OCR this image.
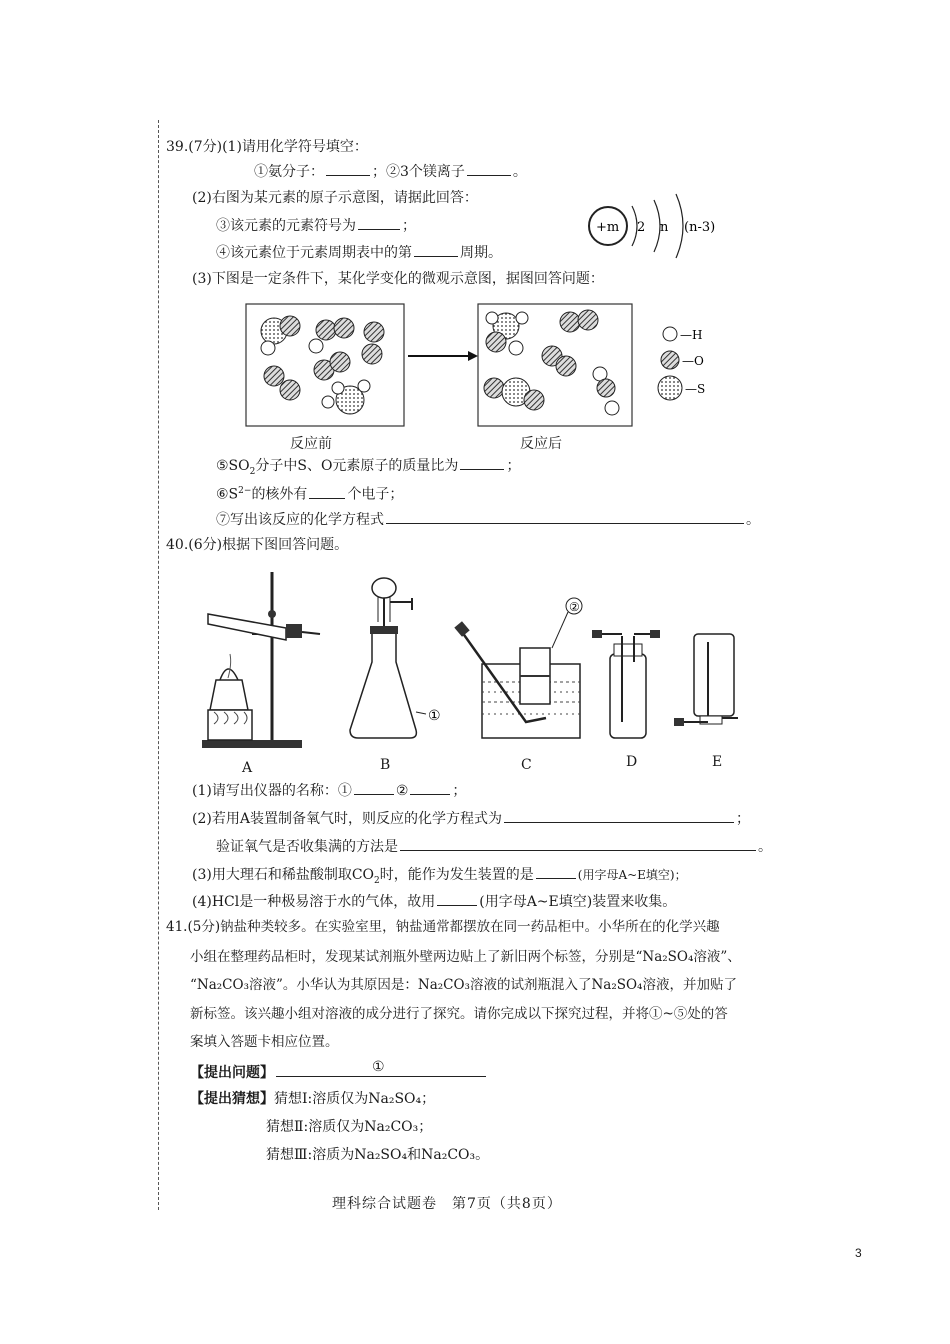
39.(7分)(1)请用化学符号填空：
①氨分子：	；②3个镁离子	。
(2)右图为某元素的原子示意图，请据此回答：
③该元素的元素符号为	；
④该元素位于元素周期表中的第	周期。
+m 2 n (n-3)
(3)下图是一定条件下，某化学变化的微观示意图，据图回答问题：
—H
—O
—S
反应前	反应后
$⑤SO_2$分子中S、O元素原子的质量比为	；
$⑥S^{2-}$的核外有	个电子；
⑦写出该反应的化学方程式	。
40.(6分)根据下图回答问题。
①
②
A	B	C	D	E
(1)请写出仪器的名称：①	②	；
(2)若用A装置制备氧气时，则反应的化学方程式为	；
验证氧气是否收集满的方法是	。
(3)用大理石和稀盐酸制取$CO_2$时，能作为发生装置的是	(用字母A~E填空)；
(4)HCl是一种极易溶于水的气体，故用	(用字母A~E填空)装置来收集。
41.(5分)钠盐种类较多。在实验室里，钠盐通常都摆放在同一药品柜中。小华所在的化学兴趣
小组在整理药品柜时，发现某试剂瓶外壁两边贴上了新旧两个标签，分别是“Na₂SO₄溶液”、
“Na₂CO₃溶液”。小华认为其原因是：Na₂CO₃溶液的试剂瓶混入了Na₂SO₄溶液，并加贴了
新标签。该兴趣小组对溶液的成分进行了探究。请你完成以下探究过程，并将①~⑤处的答
案填入答题卡相应位置。
【提出问题】	①
【提出猜想】猜想Ⅰ:溶质仅为Na₂SO₄；
猜想Ⅱ:溶质仅为Na₂CO₃；
猜想Ⅲ:溶质为Na₂SO₄和Na₂CO₃。
理科综合试题卷　第7页（共8页）
3
